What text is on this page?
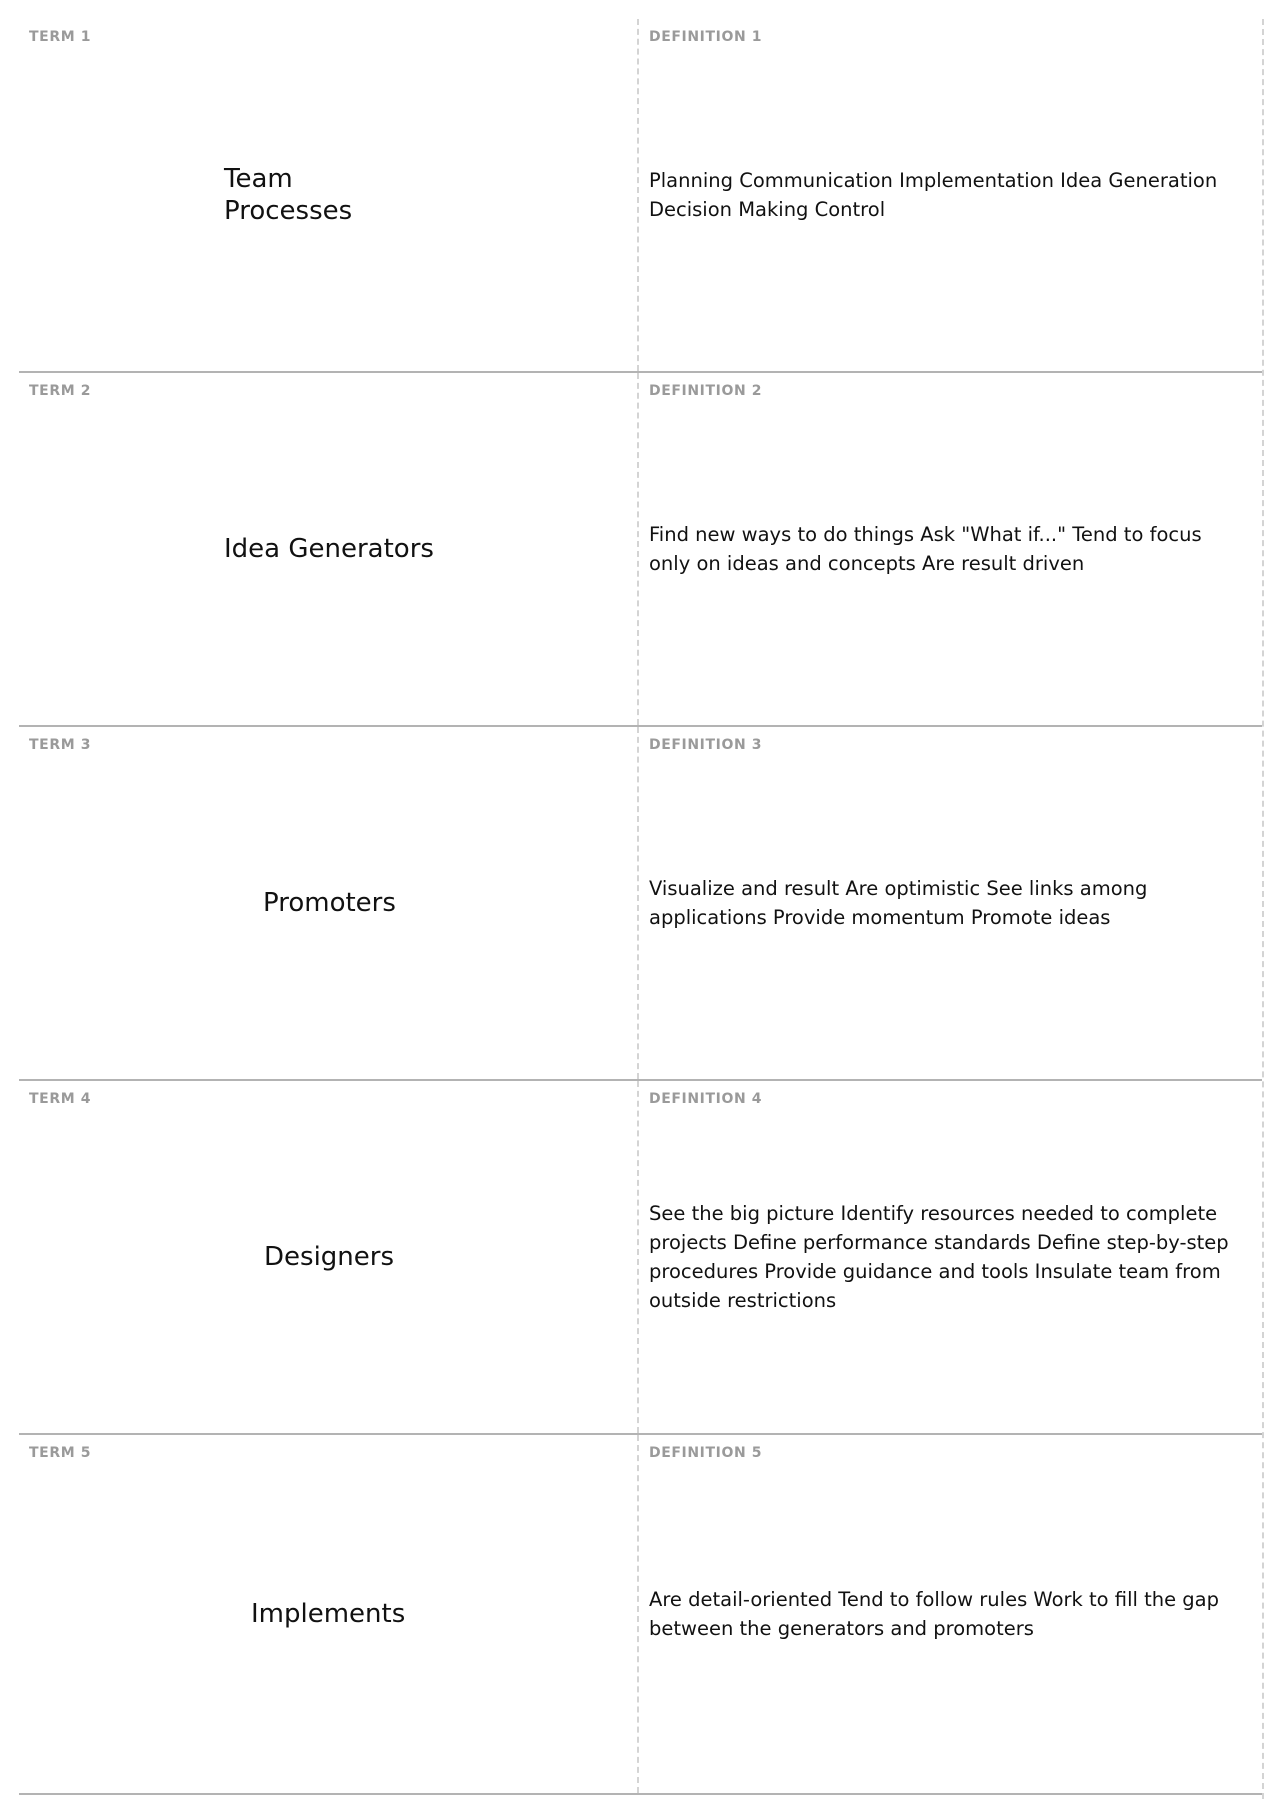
TERM 1
Team
Processes
DEFINITION 1
Planning Communication Implementation Idea Generation Decision Making Control
TERM 2
Idea Generators
DEFINITION 2
Find new ways to do things Ask "What if..." Tend to focus only on ideas and concepts Are result driven
TERM 3
Promoters
DEFINITION 3
Visualize and result Are optimistic See links among applications Provide momentum Promote ideas
TERM 4
Designers
DEFINITION 4
See the big picture Identify resources needed to complete projects Define performance standards Define step-by-step procedures Provide guidance and tools Insulate team from outside restrictions
TERM 5
Implements
DEFINITION 5
Are detail-oriented Tend to follow rules Work to fill the gap between the generators and promoters
